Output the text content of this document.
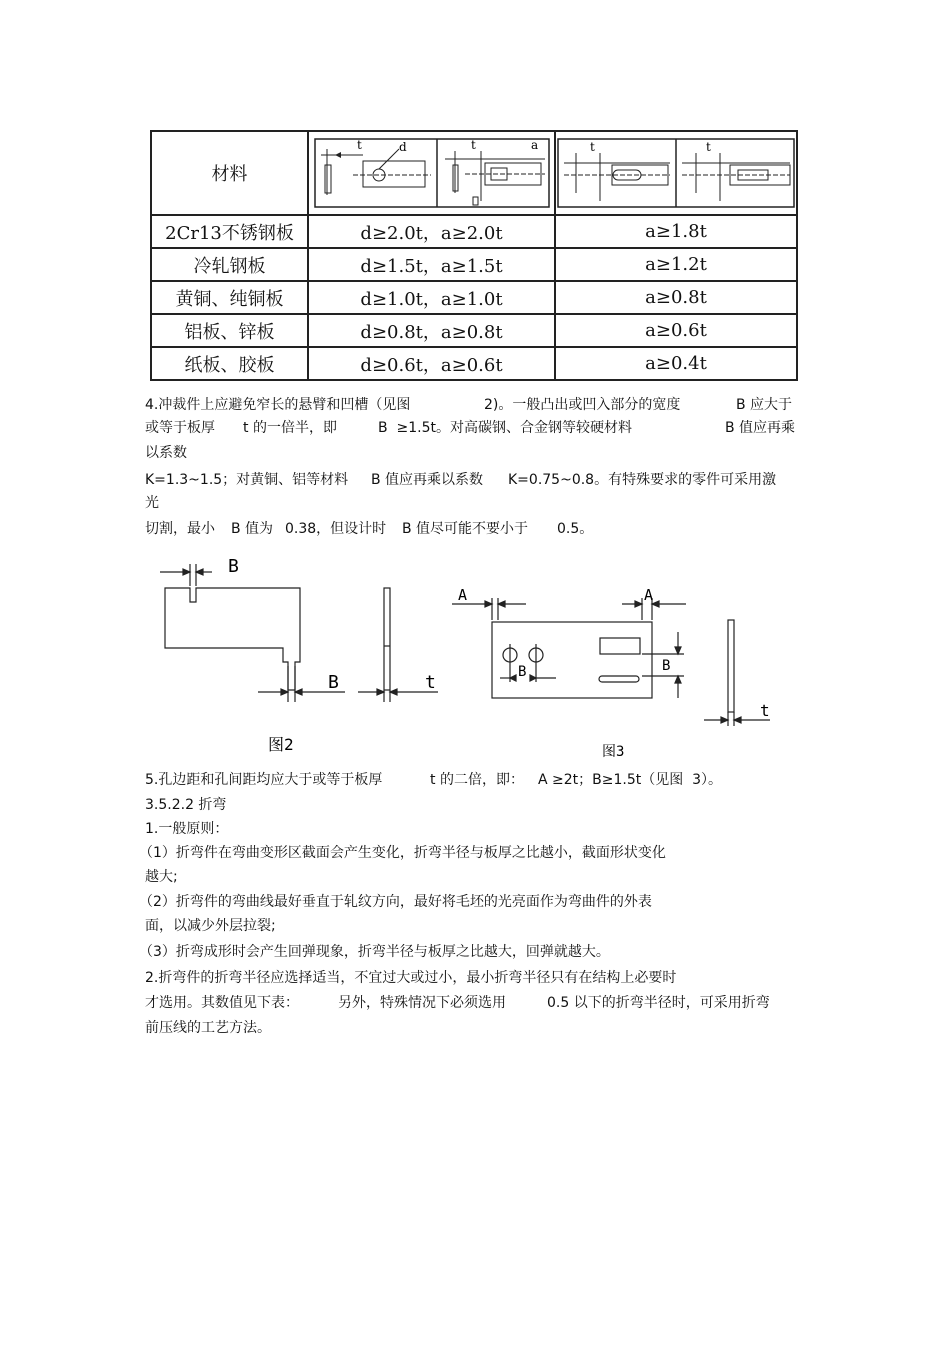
材料	t d t a	t t

2Cr13不锈钢板	d≥2.0t，a≥2.0t	a≥1.8t
冷轧钢板	d≥1.5t，a≥1.5t	a≥1.2t
黄铜、纯铜板	d≥1.0t，a≥1.0t	a≥0.8t
铝板、锌板	d≥0.8t，a≥0.8t	a≥0.6t
纸板、胶板	d≥0.6t，a≥0.6t	a≥0.4t
4.冲裁件上应避免窄长的悬臂和凹槽（见图	2)。一般凸出或凹入部分的宽度	B 应大于
或等于板厚 t 的一倍半，即	B  ≥1.5t。对高碳钢、合金钢等较硬材料	B 值应再乘
以系数
K=1.3~1.5；对黄铜、铝等材料 B 值应再乘以系数 K=0.75~0.8。有特殊要求的零件可采用激
光
切割，最小 B 值为 0.38，但设计时 B 值尽可能不要小于 0.5。
B
B	t
图2
A	A
B	B
t
图3
5.孔边距和孔间距均应大于或等于板厚	t 的二倍，即： A ≥2t；B≥1.5t（见图  3）。
3.5.2.2 折弯
1.一般原则：
（1）折弯件在弯曲变形区截面会产生变化，折弯半径与板厚之比越小，截面形状变化
越大;
（2）折弯件的弯曲线最好垂直于轧纹方向，最好将毛坯的光亮面作为弯曲件的外表
面，以减少外层拉裂;
（3）折弯成形时会产生回弹现象，折弯半径与板厚之比越大，回弹就越大。
2.折弯件的折弯半径应选择适当，不宜过大或过小，最小折弯半径只有在结构上必要时
才选用。其数值见下表：	另外，特殊情况下必须选用	0.5 以下的折弯半径时，可采用折弯
前压线的工艺方法。
